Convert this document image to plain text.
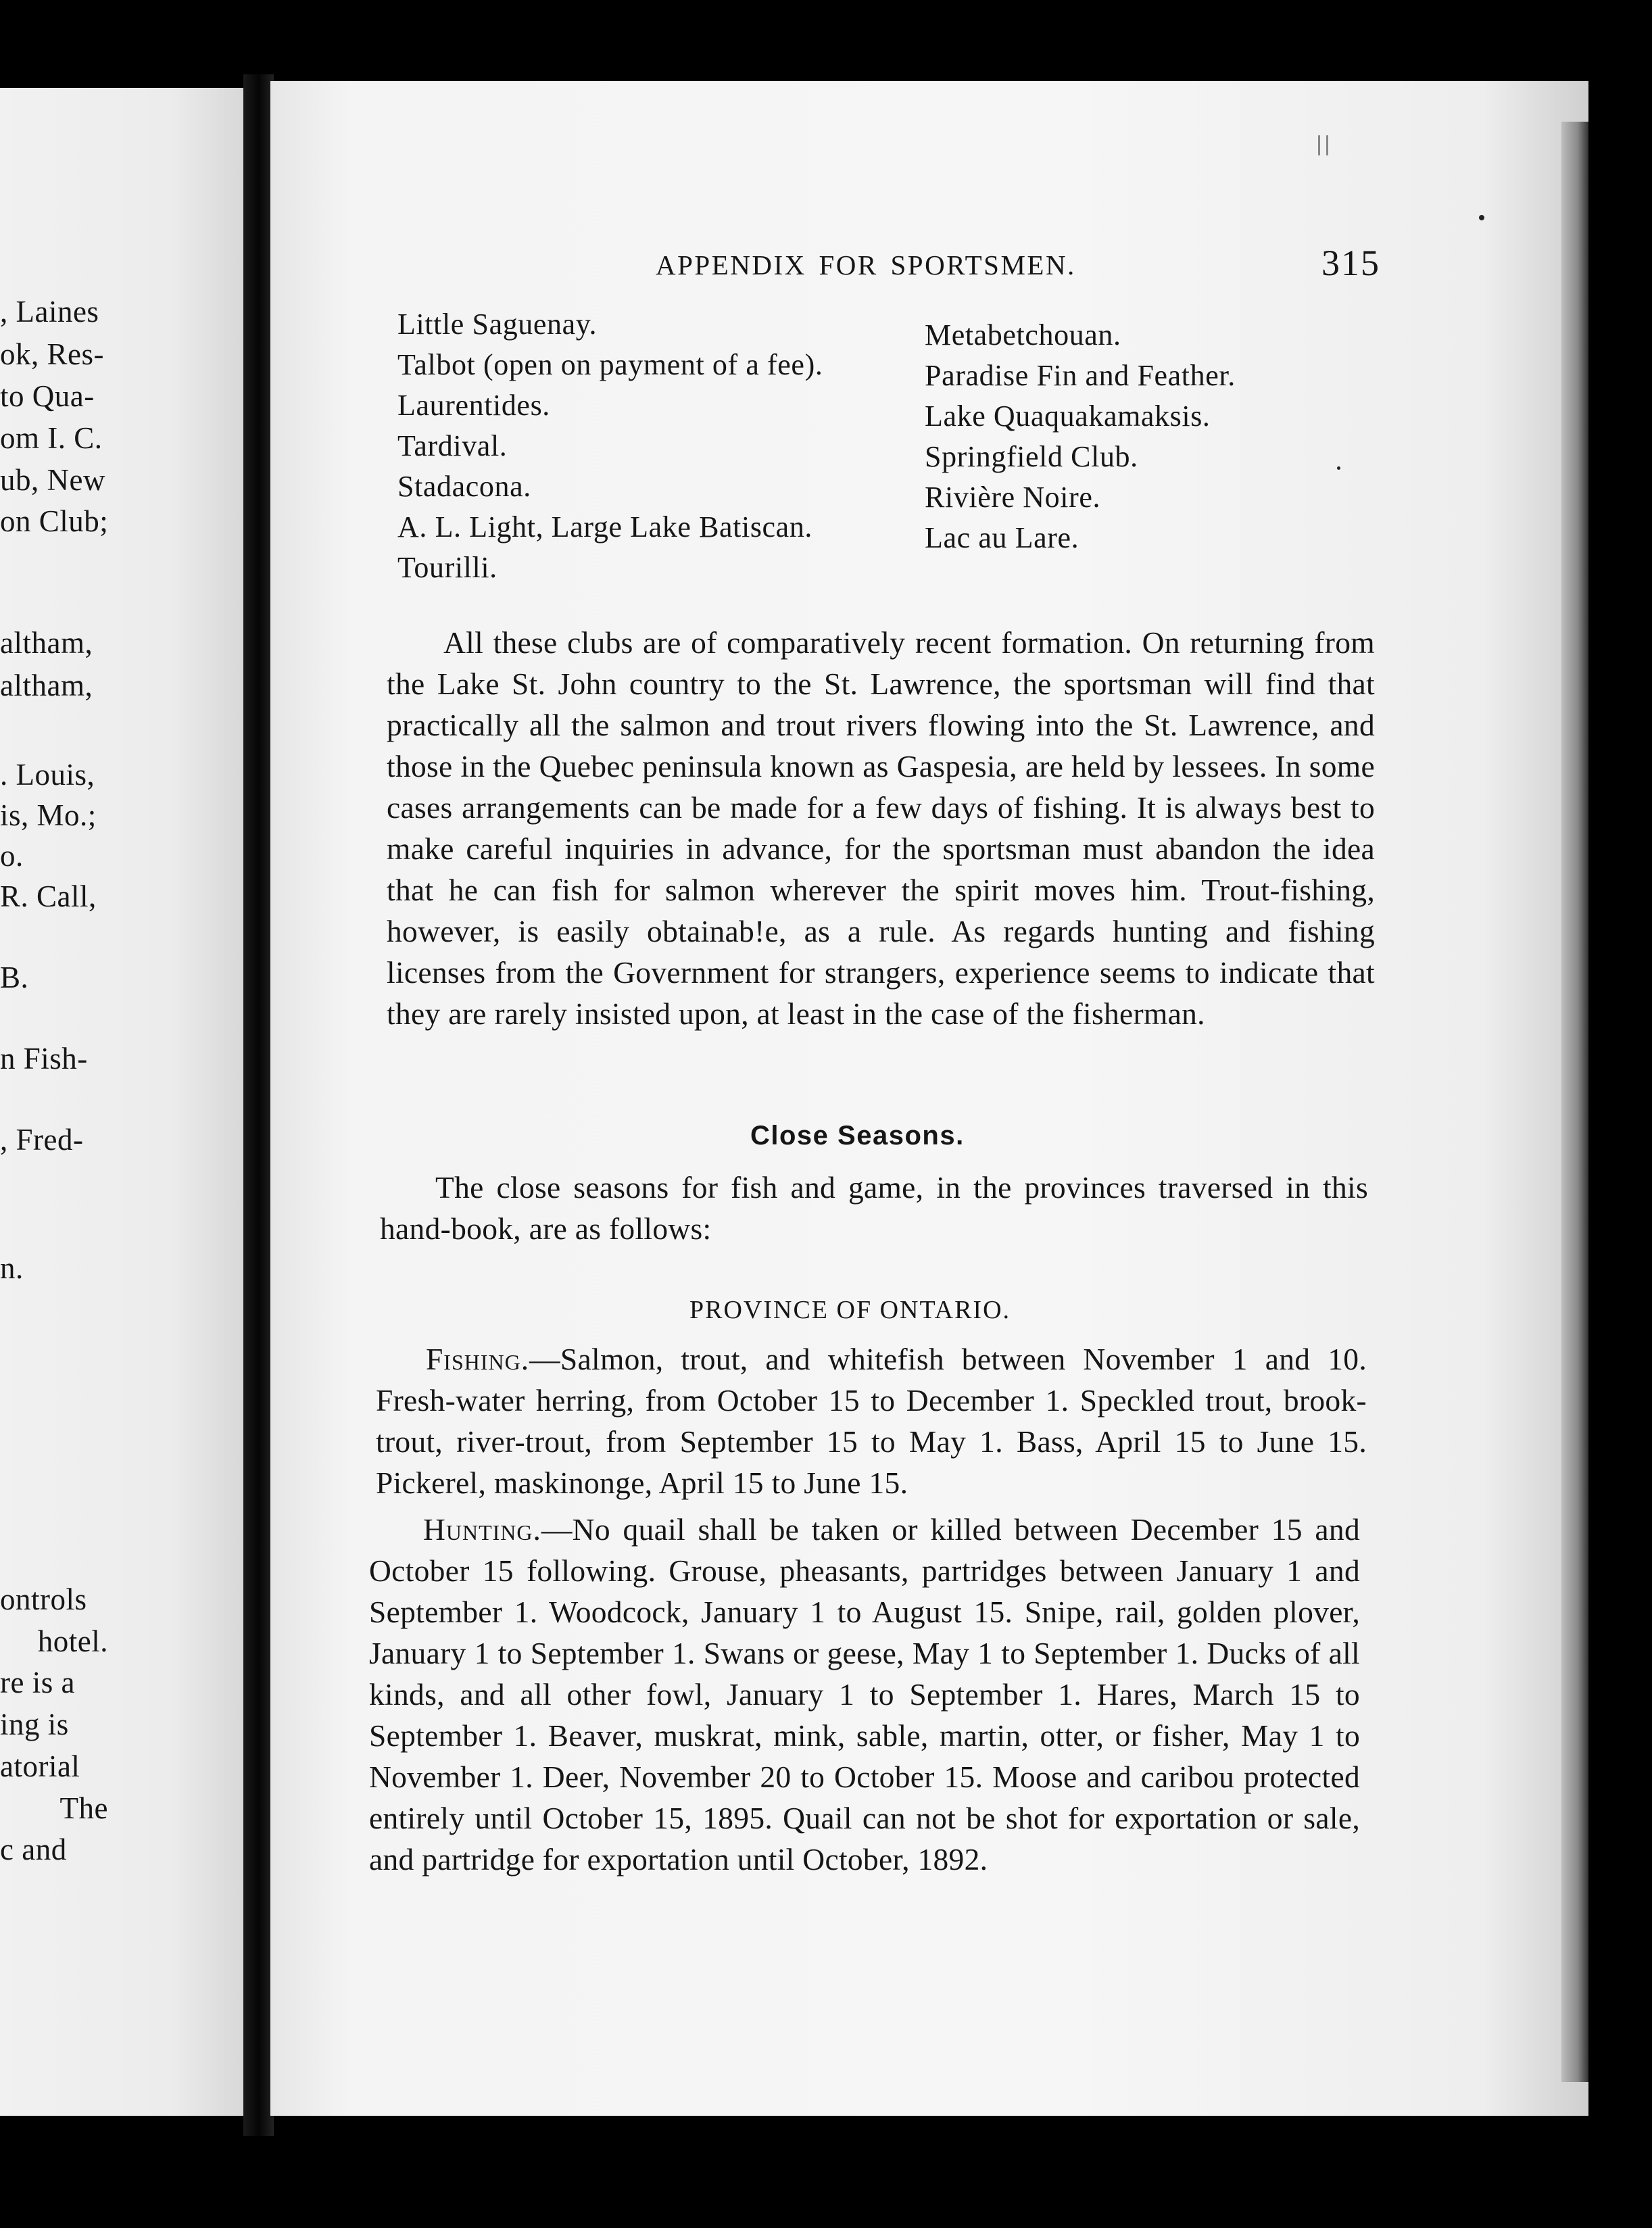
, Laines
ok, Res-
to Qua-
om I. C.
ub, New
on Club;
altham,
altham,
. Louis,
is, Mo.;
o.
R. Call,
B.
n Fish-
, Fred-
n.
ontrols
hotel.
re is a
ing is
atorial
The
c and
APPENDIX FOR SPORTSMEN.	315
Little Saguenay.
Talbot (open on payment of a fee).
Laurentides.
Tardival.
Stadacona.
A. L. Light, Large Lake Batiscan.
Tourilli.
Metabetchouan.
Paradise Fin and Feather.
Lake Quaquakamaksis.
Springfield Club.
Rivière Noire.
Lac au Lare.
All these clubs are of comparatively recent formation. On returning from the Lake St. John country to the St. Lawrence, the sportsman will find that practically all the salmon and trout rivers flowing into the St. Lawrence, and those in the Quebec peninsula known as Gaspesia, are held by lessees. In some cases arrangements can be made for a few days of fishing. It is always best to make careful inquiries in advance, for the sportsman must abandon the idea that he can fish for salmon wherever the spirit moves him. Trout-fishing, however, is easily obtainab!e, as a rule. As regards hunting and fishing licenses from the Government for strangers, experience seems to indicate that they are rarely insisted upon, at least in the case of the fisherman.
Close Seasons.
The close seasons for fish and game, in the provinces traversed in this hand-book, are as follows:
PROVINCE OF ONTARIO.
Fishing.—Salmon, trout, and whitefish between November 1 and 10. Fresh-water herring, from October 15 to December 1. Speckled trout, brook-trout, river-trout, from September 15 to May 1. Bass, April 15 to June 15. Pickerel, maskinonge, April 15 to June 15.
Hunting.—No quail shall be taken or killed between December 15 and October 15 following. Grouse, pheasants, partridges between January 1 and September 1. Woodcock, January 1 to August 15. Snipe, rail, golden plover, January 1 to September 1. Swans or geese, May 1 to September 1. Ducks of all kinds, and all other fowl, January 1 to September 1. Hares, March 15 to September 1. Beaver, muskrat, mink, sable, martin, otter, or fisher, May 1 to November 1. Deer, November 20 to October 15. Moose and caribou protected entirely until October 15, 1895. Quail can not be shot for exportation or sale, and partridge for exportation until October, 1892.
